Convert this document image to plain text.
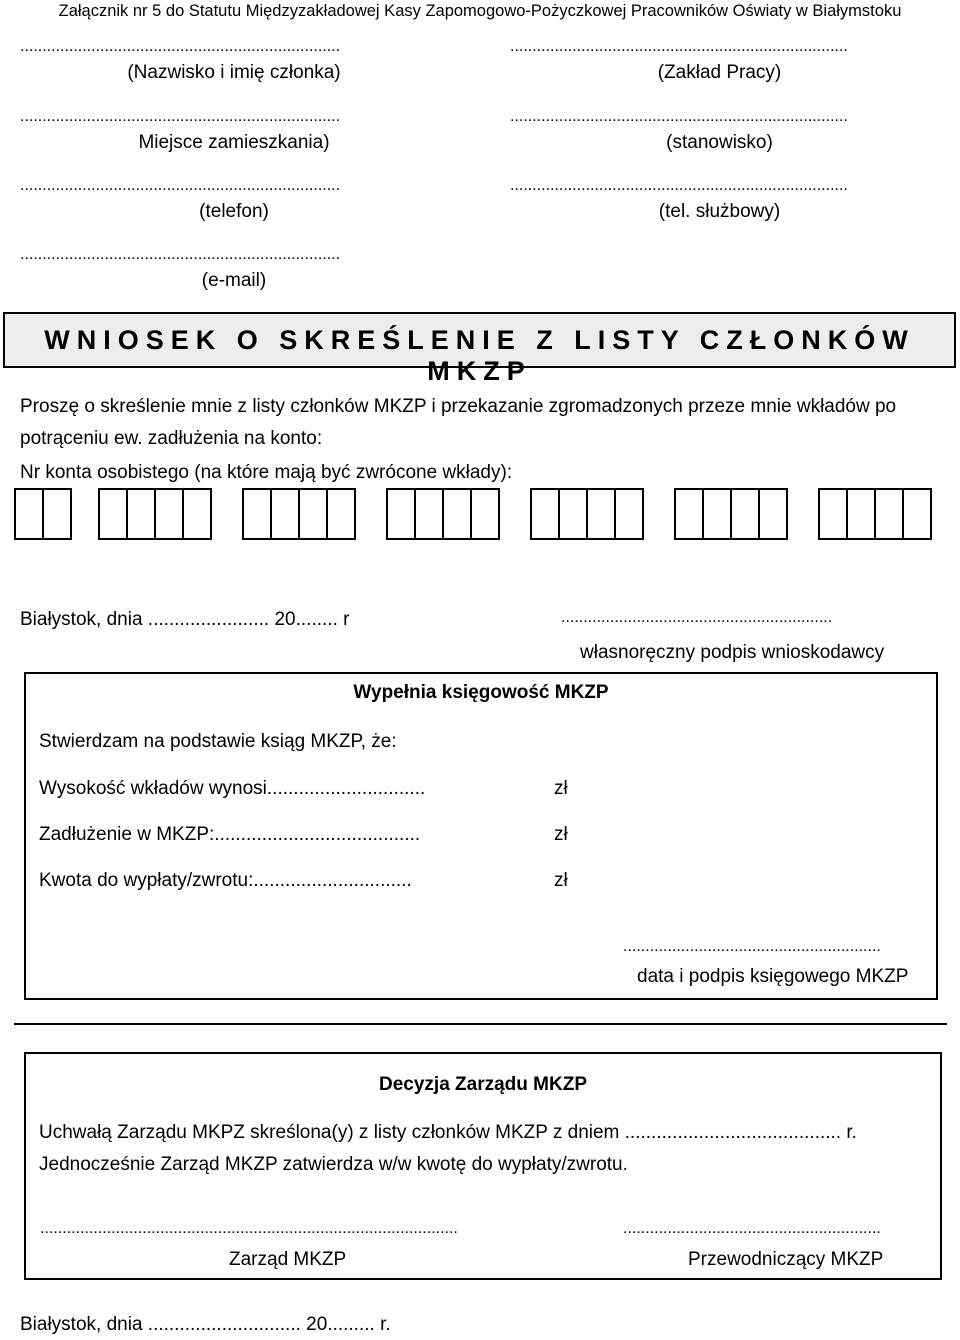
Załącznik nr 5 do Statutu Międzyzakładowej Kasy Zapomogowo-Pożyczkowej Pracowników Oświaty w Białymstoku
........................................................................
(Nazwisko i imię członka)
........................................................................
Miejsce zamieszkania)
........................................................................
(telefon)
........................................................................
(e-mail)
............................................................................
(Zakład Pracy)
............................................................................
(stanowisko)
............................................................................
(tel. służbowy)
WNIOSEK O SKREŚLENIE Z LISTY CZŁONKÓW MKZP
Proszę o skreślenie mnie z listy członków MKZP i przekazanie zgromadzonych przeze mnie wkładów po
potrąceniu ew. zadłużenia na konto:
Nr konta osobistego (na które mają być zwrócone wkłady):
Białystok, dnia ....................... 20........ r	.............................................................
własnoręczny podpis wnioskodawcy
Wypełnia księgowość MKZP
Stwierdzam na podstawie ksiąg MKZP, że:
Wysokość wkładów wynosi..............................	zł
Zadłużenie w MKZP:.......................................	zł
Kwota do wypłaty/zwrotu:..............................	zł
..........................................................
data i podpis księgowego MKZP
Decyzja Zarządu MKZP
Uchwałą Zarządu MKPZ skreślona(y) z listy członków MKZP z dniem ......................................... r.
Jednocześnie Zarząd MKZP zatwierdza w/w kwotę do wypłaty/zwrotu.
..............................................................................................	..........................................................
Zarząd MKZP	Przewodniczący MKZP
Białystok, dnia ............................. 20......... r.
